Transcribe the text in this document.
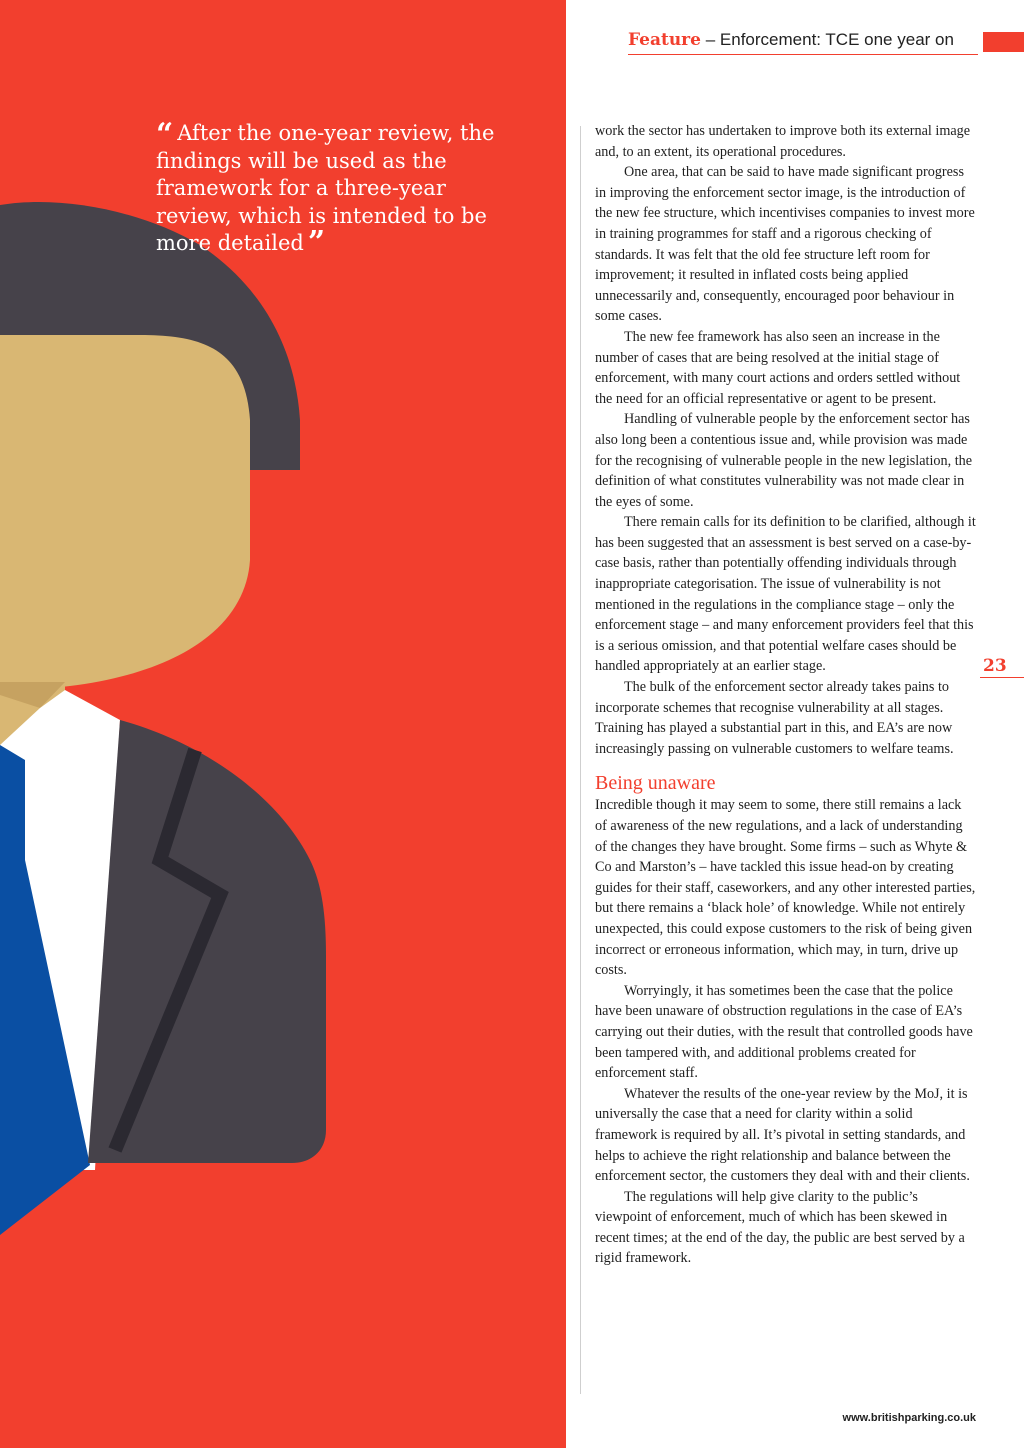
“ After the one-year review, the findings will be used as the framework for a three-year review, which is intended to be more detailed ”

Feature – Enforcement: TCE one year on

work the sector has undertaken to improve both its external image and, to an extent, its operational procedures.

One area, that can be said to have made significant progress in improving the enforcement sector image, is the introduction of the new fee structure, which incentivises companies to invest more in training programmes for staff and a rigorous checking of standards. It was felt that the old fee structure left room for improvement; it resulted in inflated costs being applied unnecessarily and, consequently, encouraged poor behaviour in some cases.

The new fee framework has also seen an increase in the number of cases that are being resolved at the initial stage of enforcement, with many court actions and orders settled without the need for an official representative or agent to be present.

Handling of vulnerable people by the enforcement sector has also long been a contentious issue and, while provision was made for the recognising of vulnerable people in the new legislation, the definition of what constitutes vulnerability was not made clear in the eyes of some.

There remain calls for its definition to be clarified, although it has been suggested that an assessment is best served on a case-by-case basis, rather than potentially offending individuals through inappropriate categorisation. The issue of vulnerability is not mentioned in the regulations in the compliance stage – only the enforcement stage – and many enforcement providers feel that this is a serious omission, and that potential welfare cases should be handled appropriately at an earlier stage.

The bulk of the enforcement sector already takes pains to incorporate schemes that recognise vulnerability at all stages. Training has played a substantial part in this, and EA’s are now increasingly passing on vulnerable customers to welfare teams.

Being unaware

Incredible though it may seem to some, there still remains a lack of awareness of the new regulations, and a lack of understanding of the changes they have brought. Some firms – such as Whyte & Co and Marston’s – have tackled this issue head-on by creating guides for their staff, caseworkers, and any other interested parties, but there remains a ‘black hole’ of knowledge. While not entirely unexpected, this could expose customers to the risk of being given incorrect or erroneous information, which may, in turn, drive up costs.

Worryingly, it has sometimes been the case that the police have been unaware of obstruction regulations in the case of EA’s carrying out their duties, with the result that controlled goods have been tampered with, and additional problems created for enforcement staff.

Whatever the results of the one-year review by the MoJ, it is universally the case that a need for clarity within a solid framework is required by all. It’s pivotal in setting standards, and helps to achieve the right relationship and balance between the enforcement sector, the customers they deal with and their clients.

The regulations will help give clarity to the public’s viewpoint of enforcement, much of which has been skewed in recent times; at the end of the day, the public are best served by a rigid framework.

23
www.britishparking.co.uk
